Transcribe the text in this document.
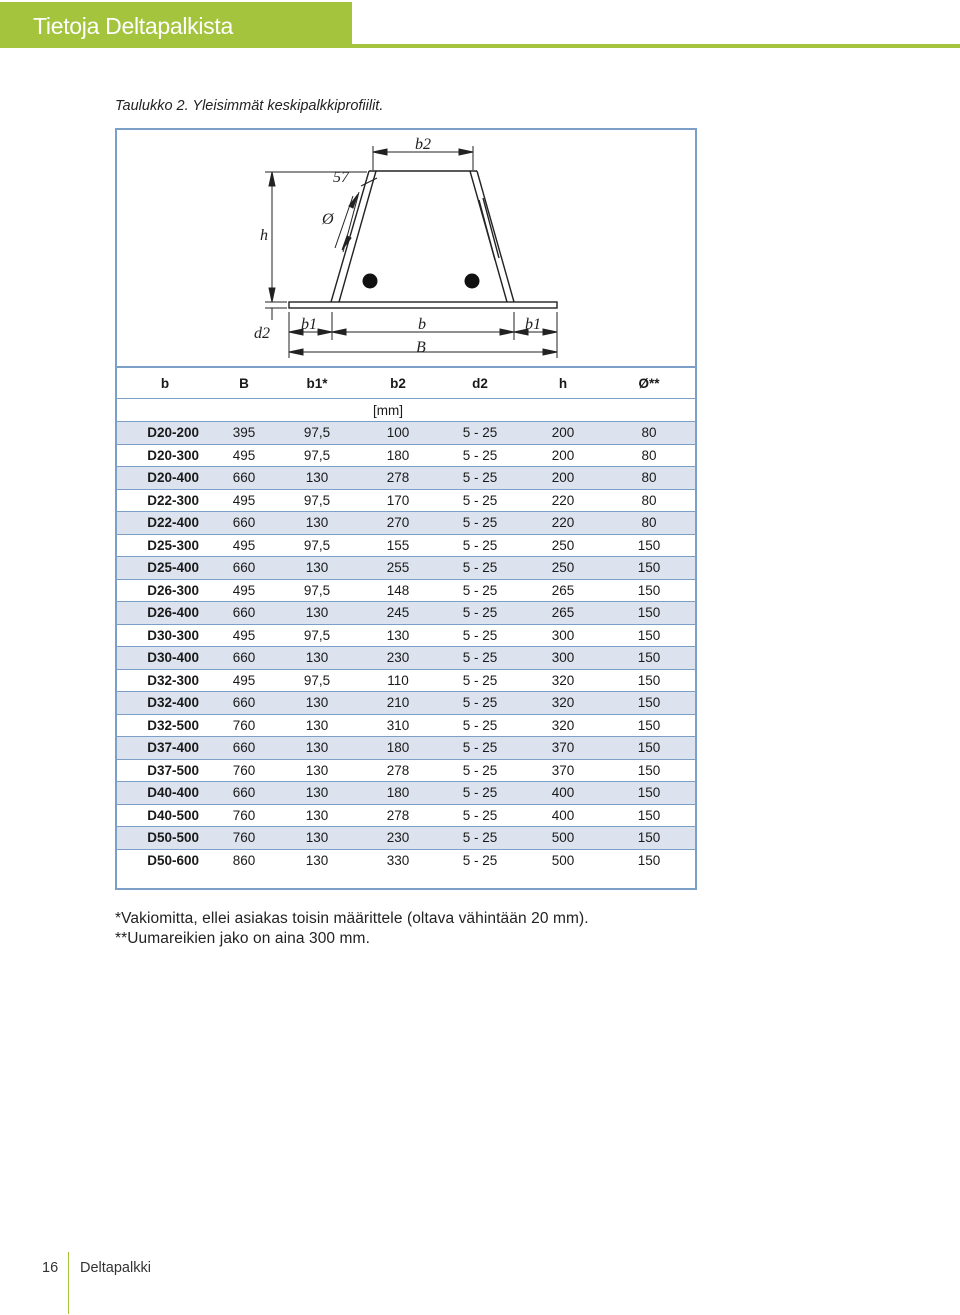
Tietoja Deltapalkista
Taulukko 2. Yleisimmät keskipalkkiprofiilit.
b2
57
Ø
h
d2
b1	b	b1
B
b	B	b1*	b2	d2	h	Ø**
	[mm]					
D20-200	395	97,5	100	5 - 25	200	80
D20-300	495	97,5	180	5 - 25	200	80
D20-400	660	130	278	5 - 25	200	80
D22-300	495	97,5	170	5 - 25	220	80
D22-400	660	130	270	5 - 25	220	80
D25-300	495	97,5	155	5 - 25	250	150
D25-400	660	130	255	5 - 25	250	150
D26-300	495	97,5	148	5 - 25	265	150
D26-400	660	130	245	5 - 25	265	150
D30-300	495	97,5	130	5 - 25	300	150
D30-400	660	130	230	5 - 25	300	150
D32-300	495	97,5	110	5 - 25	320	150
D32-400	660	130	210	5 - 25	320	150
D32-500	760	130	310	5 - 25	320	150
D37-400	660	130	180	5 - 25	370	150
D37-500	760	130	278	5 - 25	370	150
D40-400	660	130	180	5 - 25	400	150
D40-500	760	130	278	5 - 25	400	150
D50-500	760	130	230	5 - 25	500	150
D50-600	860	130	330	5 - 25	500	150
*Vakiomitta, ellei asiakas toisin määrittele (oltava vähintään 20 mm).
**Uumareikien jako on aina 300 mm.
16 Deltapalkki
